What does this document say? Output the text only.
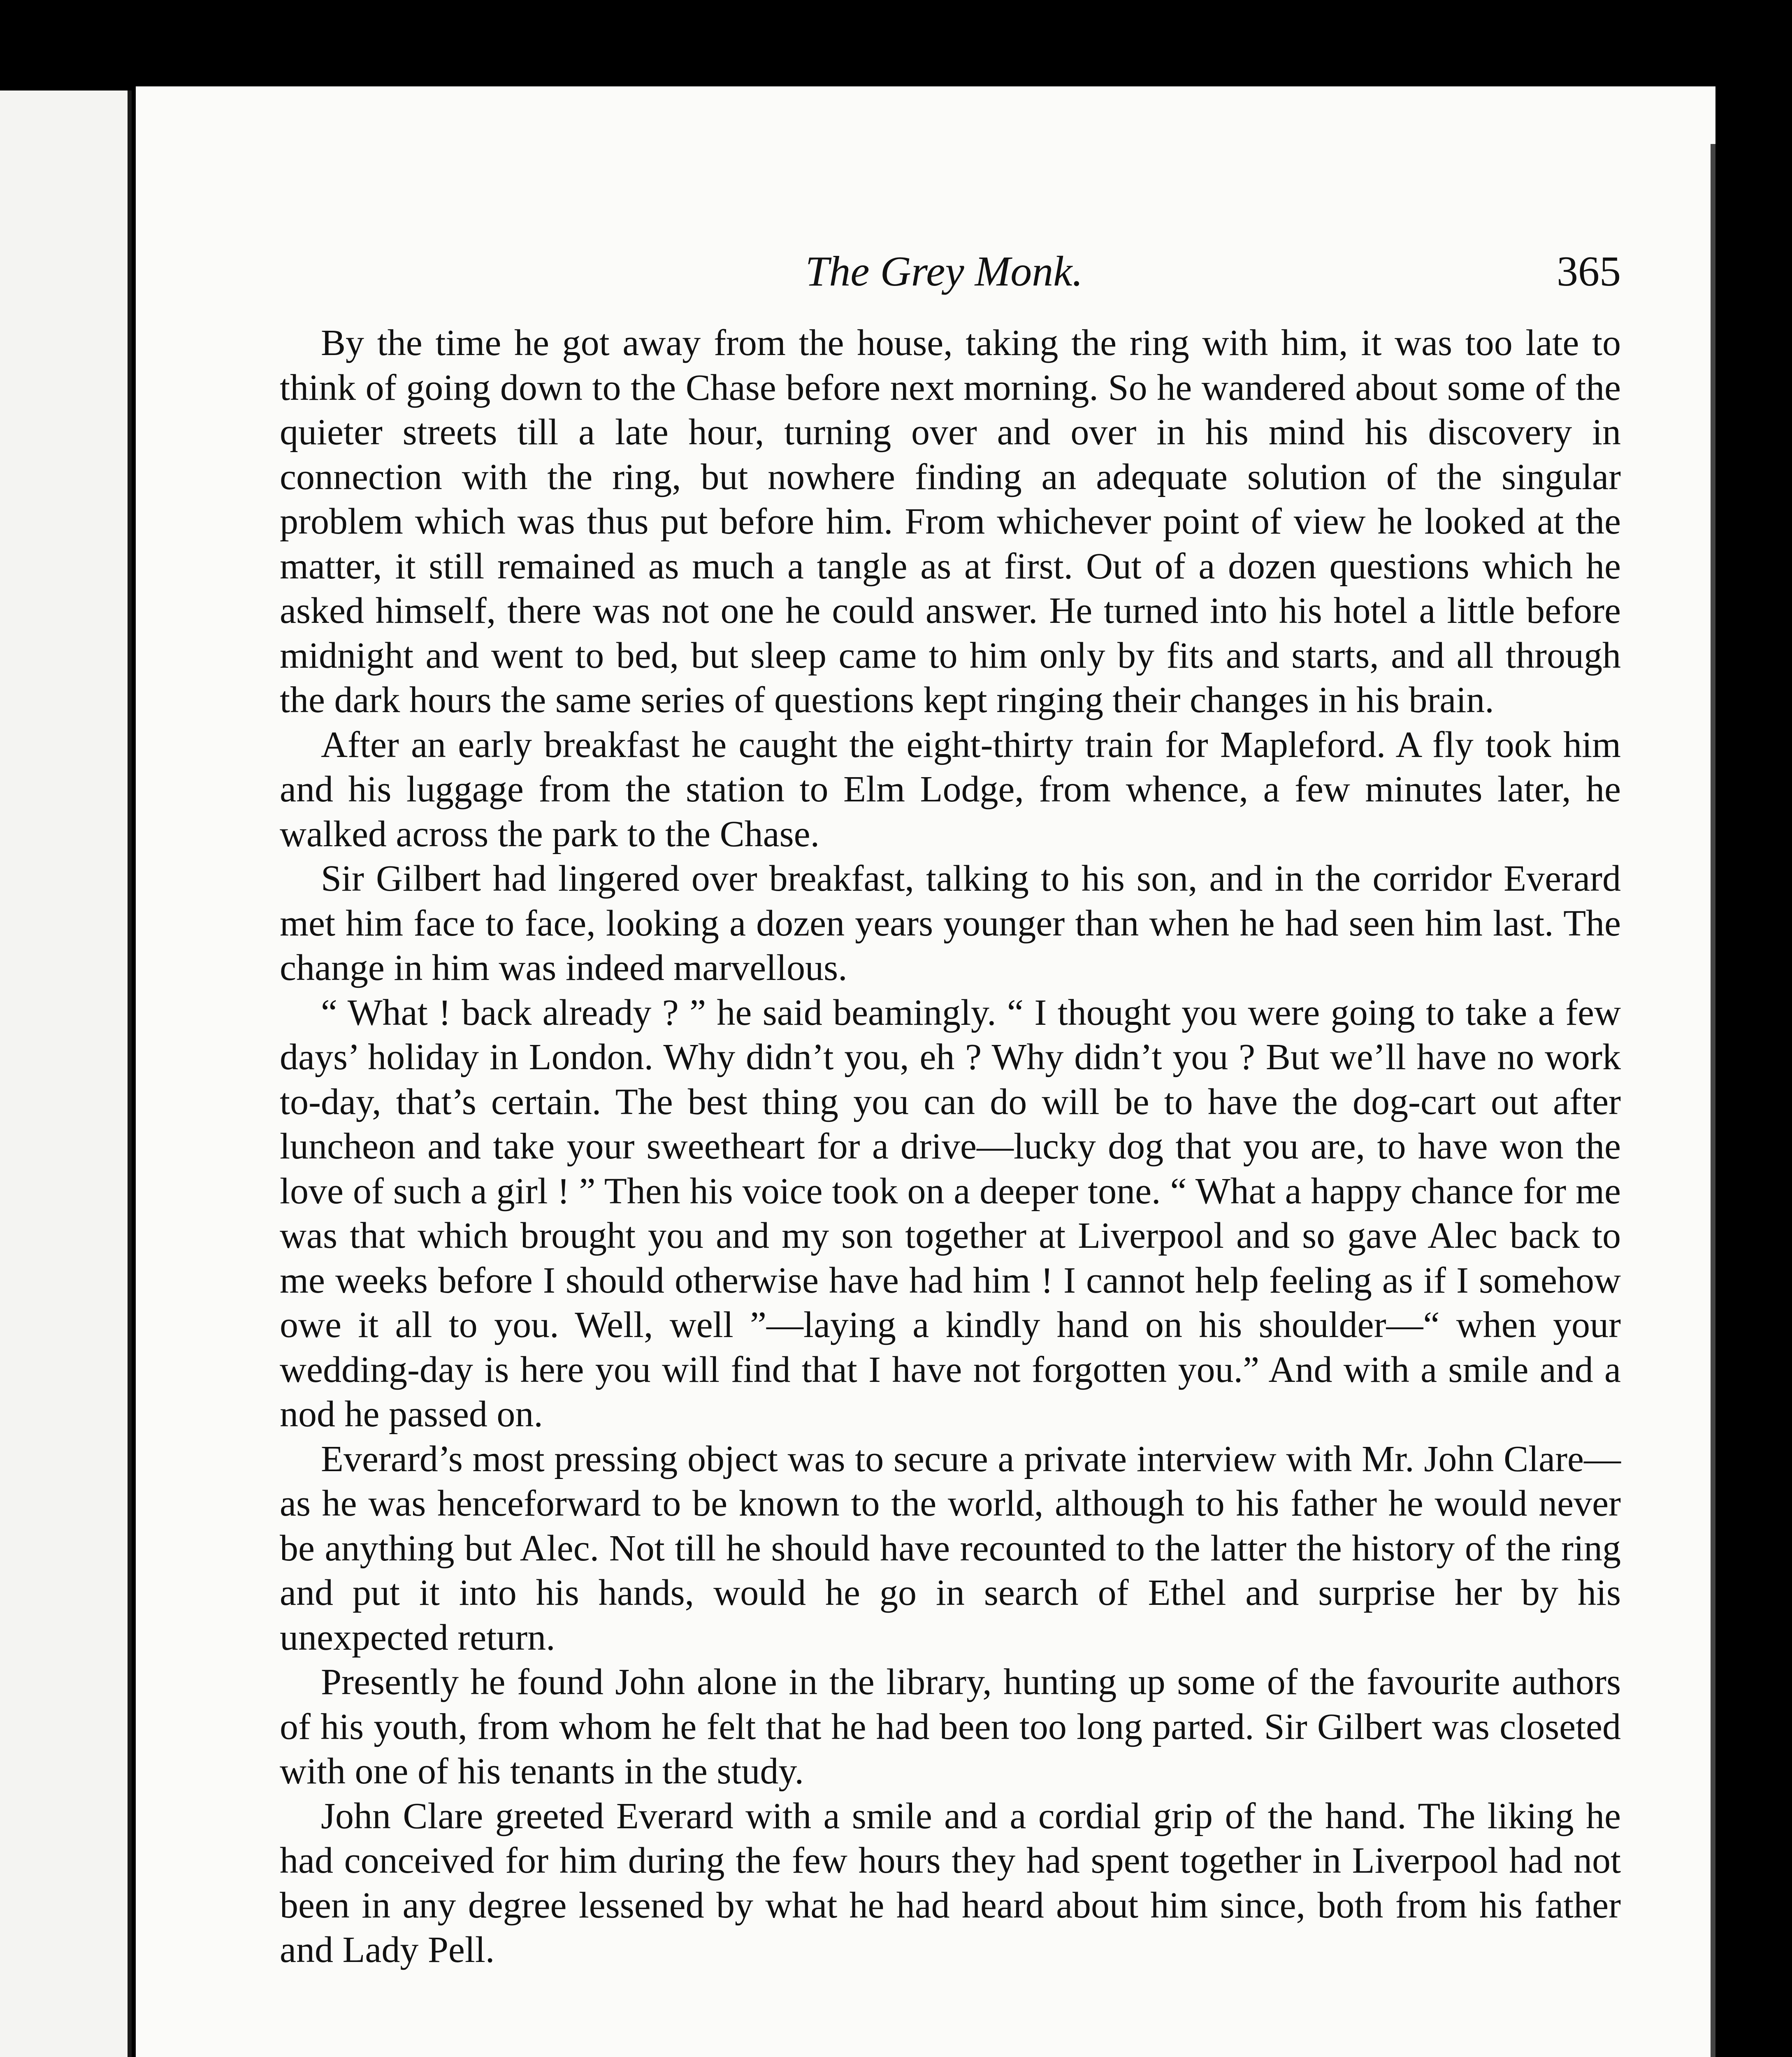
The Grey Monk.	365

By the time he got away from the house, taking the ring with him, it was too late to think of going down to the Chase before next morning. So he wandered about some of the quieter streets till a late hour, turning over and over in his mind his discovery in connection with the ring, but nowhere finding an adequate solution of the singular problem which was thus put before him. From whichever point of view he looked at the matter, it still remained as much a tangle as at first. Out of a dozen questions which he asked himself, there was not one he could answer. He turned into his hotel a little before midnight and went to bed, but sleep came to him only by fits and starts, and all through the dark hours the same series of questions kept ringing their changes in his brain.

After an early breakfast he caught the eight-thirty train for Mapleford. A fly took him and his luggage from the station to Elm Lodge, from whence, a few minutes later, he walked across the park to the Chase.

Sir Gilbert had lingered over breakfast, talking to his son, and in the corridor Everard met him face to face, looking a dozen years younger than when he had seen him last. The change in him was indeed marvellous.

“ What ! back already ? ” he said beamingly. “ I thought you were going to take a few days’ holiday in London. Why didn’t you, eh ? Why didn’t you ? But we’ll have no work to-day, that’s certain. The best thing you can do will be to have the dog-cart out after luncheon and take your sweetheart for a drive—lucky dog that you are, to have won the love of such a girl ! ” Then his voice took on a deeper tone. “ What a happy chance for me was that which brought you and my son together at Liverpool and so gave Alec back to me weeks before I should otherwise have had him ! I cannot help feeling as if I somehow owe it all to you. Well, well ”—laying a kindly hand on his shoulder—“ when your wedding-day is here you will find that I have not forgotten you.” And with a smile and a nod he passed on.

Everard’s most pressing object was to secure a private interview with Mr. John Clare—as he was henceforward to be known to the world, although to his father he would never be anything but Alec. Not till he should have recounted to the latter the history of the ring and put it into his hands, would he go in search of Ethel and surprise her by his unexpected return.

Presently he found John alone in the library, hunting up some of the favourite authors of his youth, from whom he felt that he had been too long parted. Sir Gilbert was closeted with one of his tenants in the study.

John Clare greeted Everard with a smile and a cordial grip of the hand. The liking he had conceived for him during the few hours they had spent together in Liverpool had not been in any degree lessened by what he had heard about him since, both from his father and Lady Pell.
